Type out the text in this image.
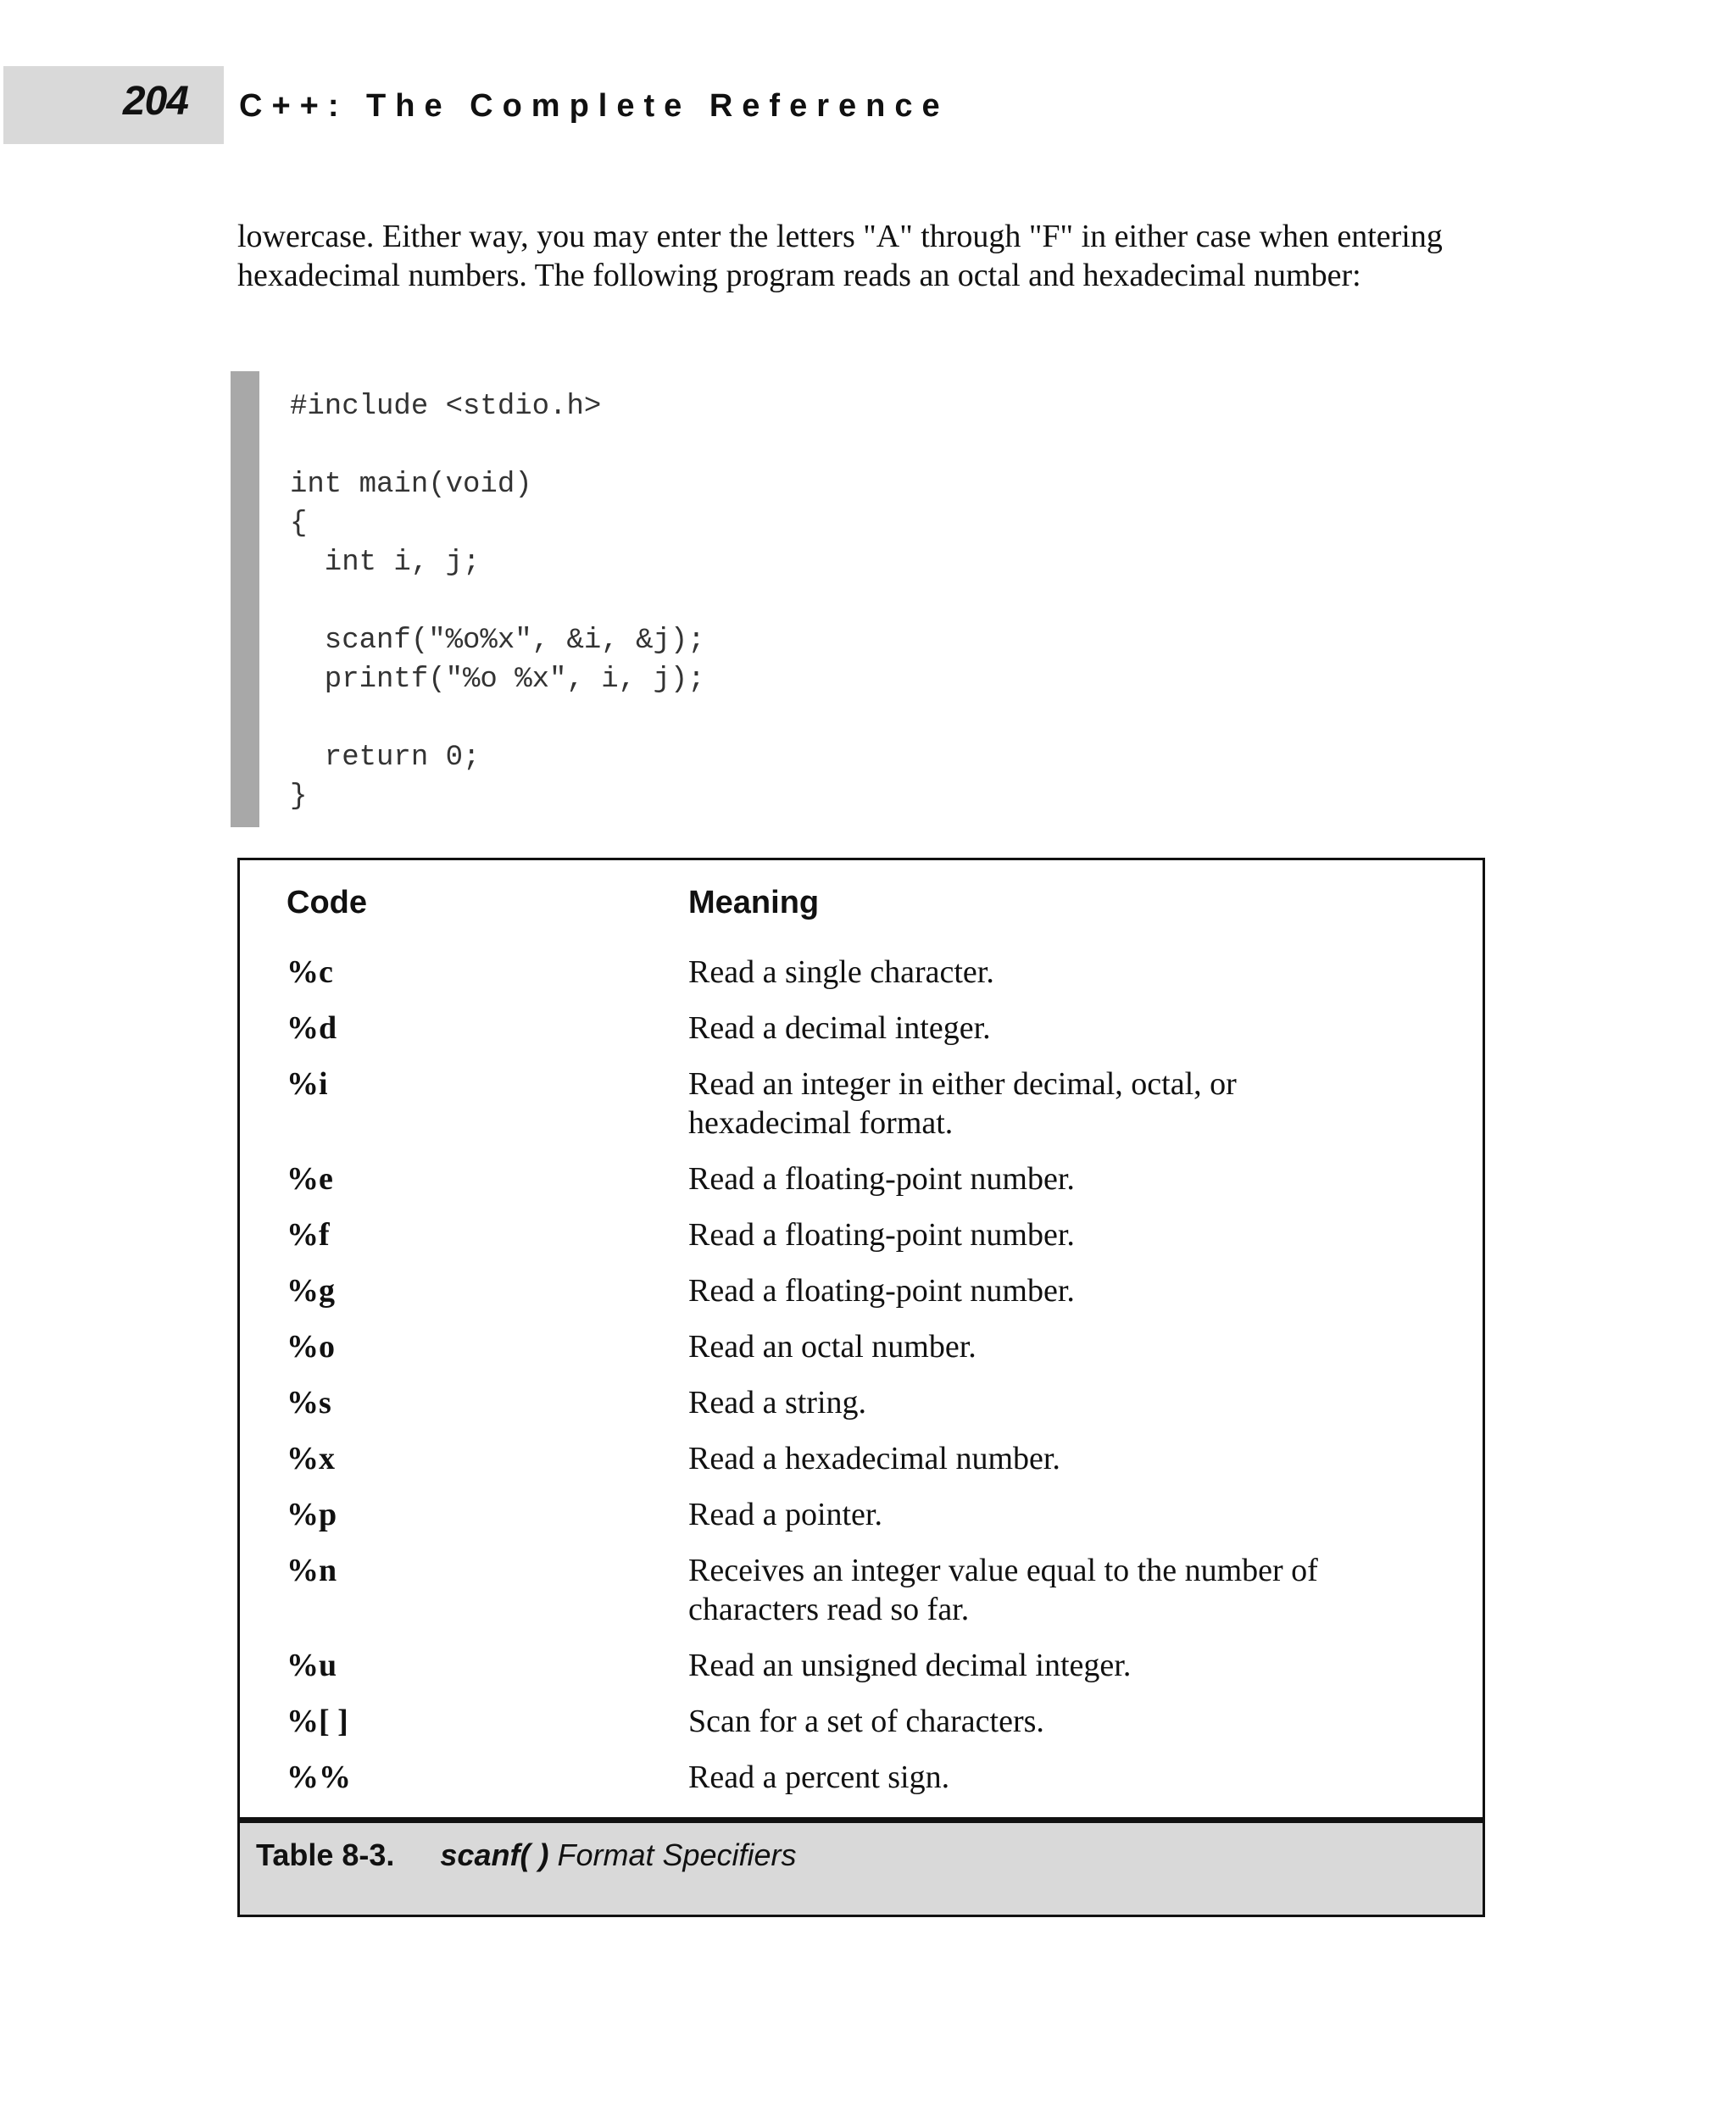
204 C++: The Complete Reference

lowercase. Either way, you may enter the letters "A" through "F" in either case when entering hexadecimal numbers. The following program reads an octal and hexadecimal number:

#include <stdio.h>

int main(void)
{
int i, j;

scanf("%o%x", &i, &j);
printf("%o %x", i, j);

return 0;
}
Code	Meaning
%c	Read a single character.
%d	Read a decimal integer.
%i	Read an integer in either decimal, octal, or hexadecimal format.
%e	Read a floating-point number.
%f	Read a floating-point number.
%g	Read a floating-point number.
%o	Read an octal number.
%s	Read a string.
%x	Read a hexadecimal number.
%p	Read a pointer.
%n	Receives an integer value equal to the number of characters read so far.
%u	Read an unsigned decimal integer.
%[ ]	Scan for a set of characters.
%%	Read a percent sign.
Table 8-3. scanf( ) Format Specifiers
